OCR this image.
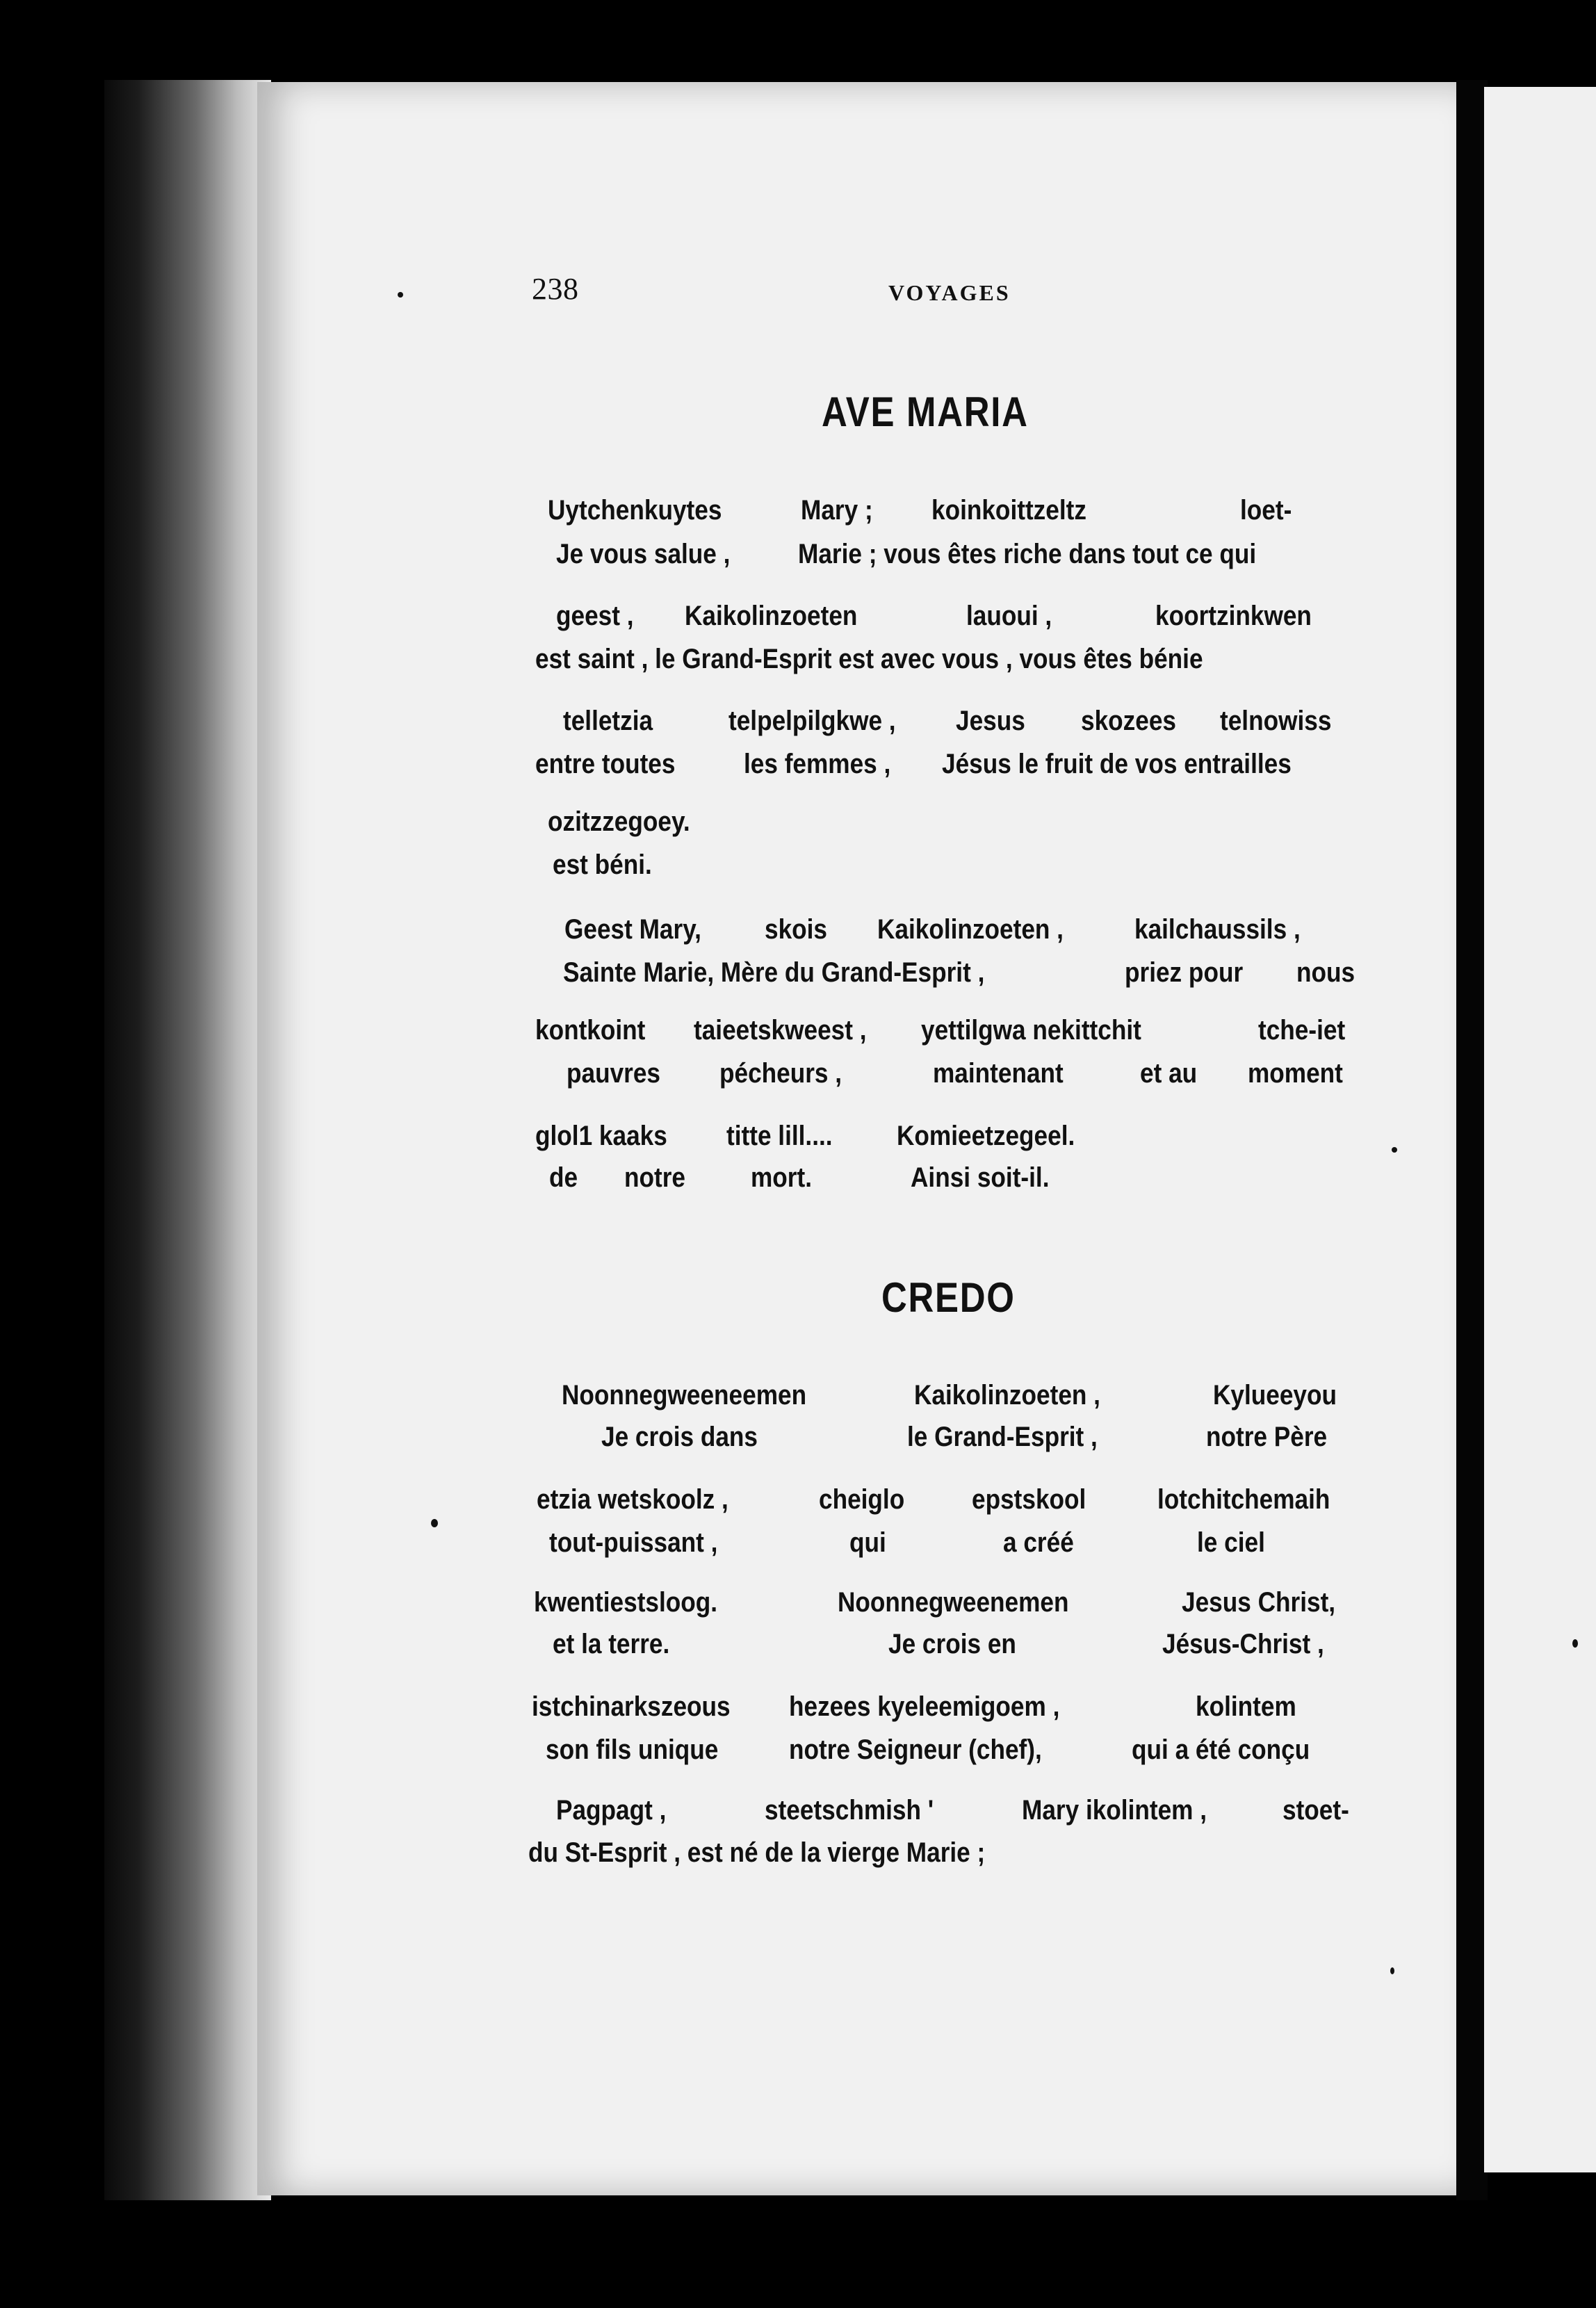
238	VOYAGES
AVE MARIA
Uytchenkuytes	Mary ; koinkoittzeltz	loet-
Je vous salue , Marie ; vous êtes riche dans tout ce qui
geest , Kaikolinzoeten	lauoui ,	koortzinkwen
est saint , le Grand-Esprit est avec vous , vous êtes bénie
telletzia	telpelpilgkwe , Jesus skozees telnowiss
entre toutes les femmes , Jésus le fruit de vos entrailles
ozitzzegoey.
est béni.
Geest Mary, skois Kaikolinzoeten ,	kailchaussils ,
Sainte Marie, Mère du Grand-Esprit ,	priez pour nous
kontkoint taieetskweest , yettilgwa nekittchit	tche-iet
pauvres pécheurs ,	maintenant	et au moment
glol1 kaaks titte lill.... Komieetzegeel.
de notre mort.	Ainsi soit-il.
CREDO
Noonnegweeneemen	Kaikolinzoeten ,	Kylueeyou
Je crois dans	le Grand-Esprit ,	notre Père
etzia wetskoolz ,	cheiglo epstskool	lotchitchemaih
tout-puissant ,	qui	a créé	le ciel
kwentiestsloog.	Noonnegweenemen	Jesus Christ,
et la terre.	Je crois en	Jésus-Christ ,
istchinarkszeous hezees kyeleemigoem ,	kolintem
son fils unique	notre Seigneur (chef),	qui a été conçu
Pagpagt ,	steetschmish '	Mary ikolintem ,	stoet-
du St-Esprit , est né de la vierge Marie ;
